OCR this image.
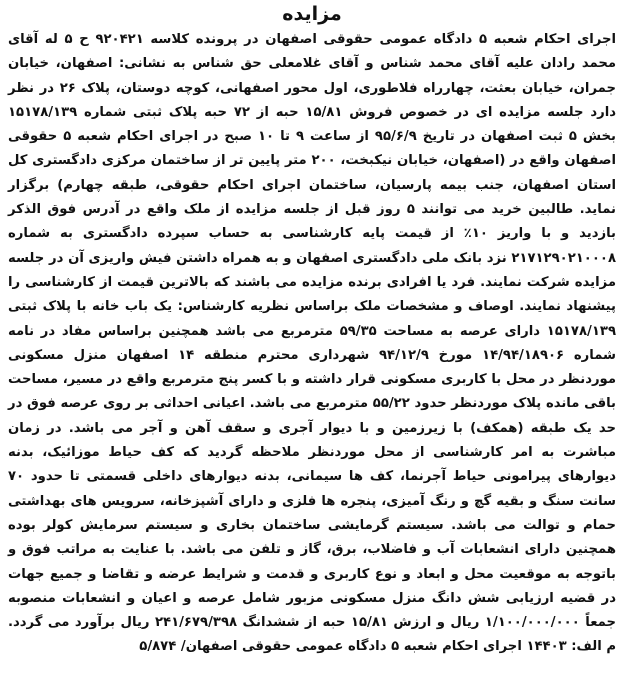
مزایده

اجرای احکام شعبه ۵ دادگاه عمومی حقوقی اصفهان در پرونده کلاسه ۹۲۰۴۲۱ ح ۵ له آقای محمد رادان علیه آقای محمد شناس و آقای غلامعلی حق شناس به نشانی: اصفهان، خیابان جمران، خیابان بعثت، چهارراه فلاطوری، اول محور اصفهانی، کوچه دوستان، پلاک ۲۶ در نظر دارد جلسه مزایده ای در خصوص فروش ۱۵/۸۱ حبه از ۷۲ حبه پلاک ثبتی شماره ۱۵۱۷۸/۱۳۹ بخش ۵ ثبت اصفهان در تاریخ ۹۵/۶/۹ از ساعت ۹ تا ۱۰ صبح در اجرای احکام شعبه ۵ حقوقی اصفهان واقع در (اصفهان، خیابان نیکبخت، ۲۰۰ متر پایین تر از ساختمان مرکزی دادگستری کل استان اصفهان، جنب بیمه پارسیان، ساختمان اجرای احکام حقوقی، طبقه چهارم) برگزار نماید. طالبین خرید می توانند ۵ روز قبل از جلسه مزایده از ملک واقع در آدرس فوق الذکر بازدید و با واریز ۱۰٪ از قیمت پایه کارشناسی به حساب سپرده دادگستری به شماره ۲۱۷۱۲۹۰۲۱۰۰۰۸ نزد بانک ملی دادگستری اصفهان و به همراه داشتن فیش واریزی آن در جلسه مزایده شرکت نمایند. فرد یا افرادی برنده مزایده می باشند که بالاترین قیمت از کارشناسی را پیشنهاد نمایند. اوصاف و مشخصات ملک براساس نظریه کارشناس: یک باب خانه با پلاک ثبتی ۱۵۱۷۸/۱۳۹ دارای عرصه به مساحت ۵۹/۳۵ مترمربع می باشد همچنین براساس مفاد در نامه شماره ۱۴/۹۴/۱۸۹۰۶ مورخ ۹۴/۱۲/۹ شهرداری محترم منطقه ۱۴ اصفهان منزل مسکونی موردنظر در محل با کاربری مسکونی قرار داشته و با کسر پنج مترمربع واقع در مسیر، مساحت باقی مانده پلاک موردنظر حدود ۵۵/۲۲ مترمربع می باشد. اعیانی احداثی بر روی عرصه فوق در حد یک طبقه (همکف) با زیرزمین و با دیوار آجری و سقف آهن و آجر می باشد. در زمان مباشرت به امر کارشناسی از محل موردنظر ملاحظه گردید که کف حیاط موزائیک، بدنه دیوارهای پیرامونی حیاط آجرنما، کف ها سیمانی، بدنه دیوارهای داخلی قسمتی تا حدود ۷۰ سانت سنگ و بقیه گچ و رنگ آمیزی، پنجره ها فلزی و دارای آشپزخانه، سرویس های بهداشتی حمام و توالت می باشد. سیستم گرمایشی ساختمان بخاری و سیستم سرمایش کولر بوده همچنین دارای انشعابات آب و فاضلاب، برق، گاز و تلفن می باشد. با عنایت به مراتب فوق و باتوجه به موقعیت محل و ابعاد و نوع کاربری و قدمت و شرایط عرضه و تقاضا و جمیع جهات در قضیه ارزیابی شش دانگ منزل مسکونی مزبور شامل عرصه و اعیان و انشعابات منصوبه جمعاً ۱/۱۰۰/۰۰۰/۰۰۰ ریال و ارزش ۱۵/۸۱ حبه از ششدانگ ۲۴۱/۶۷۹/۳۹۸ ریال برآورد می گردد. م الف: ۱۴۴۰۳ اجرای احکام شعبه ۵ دادگاه عمومی حقوقی اصفهان/ ۵/۸۷۴
